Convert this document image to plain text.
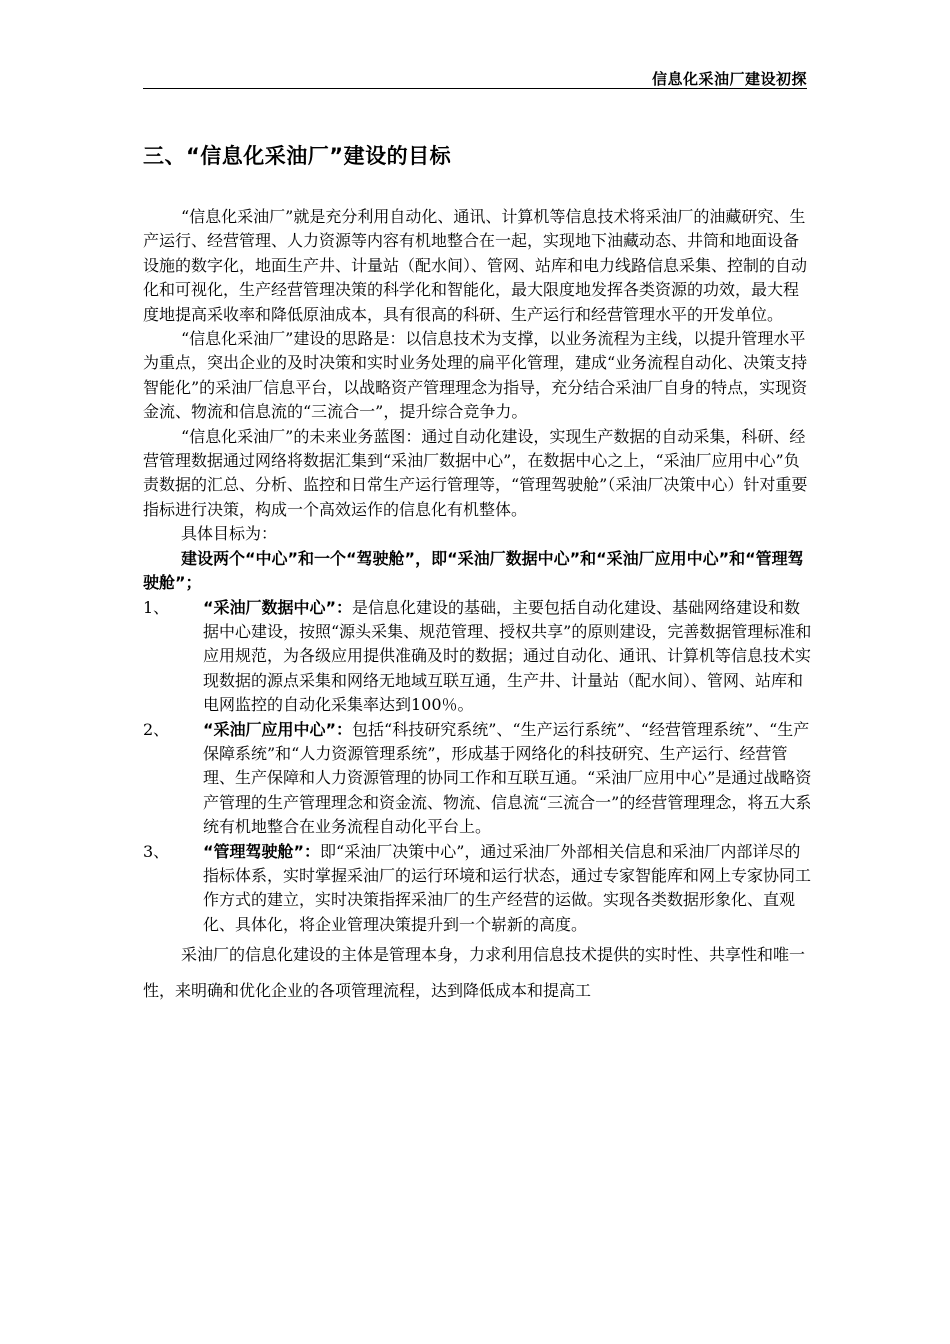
信息化采油厂建设初探
三、“信息化采油厂”建设的目标

“信息化采油厂”就是充分利用自动化、通讯、计算机等信息技术将采油厂的油藏研究、生产运行、经营管理、人力资源等内容有机地整合在一起，实现地下油藏动态、井筒和地面设备设施的数字化，地面生产井、计量站（配水间）、管网、站库和电力线路信息采集、控制的自动化和可视化，生产经营管理决策的科学化和智能化，最大限度地发挥各类资源的功效，最大程度地提高采收率和降低原油成本，具有很高的科研、生产运行和经营管理水平的开发单位。

“信息化采油厂”建设的思路是：以信息技术为支撑，以业务流程为主线，以提升管理水平为重点，突出企业的及时决策和实时业务处理的扁平化管理，建成“业务流程自动化、决策支持智能化”的采油厂信息平台，以战略资产管理理念为指导，充分结合采油厂自身的特点，实现资金流、物流和信息流的“三流合一”，提升综合竞争力。

“信息化采油厂”的未来业务蓝图：通过自动化建设，实现生产数据的自动采集，科研、经营管理数据通过网络将数据汇集到“采油厂数据中心”，在数据中心之上，“采油厂应用中心”负责数据的汇总、分析、监控和日常生产运行管理等，“管理驾驶舱”（采油厂决策中心）针对重要指标进行决策，构成一个高效运作的信息化有机整体。

具体目标为：

建设两个“中心”和一个“驾驶舱”，即“采油厂数据中心”和“采油厂应用中心”和“管理驾驶舱”；

1、 “采油厂数据中心”：是信息化建设的基础，主要包括自动化建设、基础网络建设和数据中心建设，按照“源头采集、规范管理、授权共享”的原则建设，完善数据管理标准和应用规范，为各级应用提供准确及时的数据；通过自动化、通讯、计算机等信息技术实现数据的源点采集和网络无地域互联互通，生产井、计量站（配水间）、管网、站库和电网监控的自动化采集率达到100％。
2、 “采油厂应用中心”：包括“科技研究系统”、“生产运行系统”、“经营管理系统”、“生产保障系统”和“人力资源管理系统”，形成基于网络化的科技研究、生产运行、经营管理、生产保障和人力资源管理的协同工作和互联互通。“采油厂应用中心”是通过战略资产管理的生产管理理念和资金流、物流、信息流“三流合一”的经营管理理念，将五大系统有机地整合在业务流程自动化平台上。
3、 “管理驾驶舱”：即“采油厂决策中心”，通过采油厂外部相关信息和采油厂内部详尽的指标体系，实时掌握采油厂的运行环境和运行状态，通过专家智能库和网上专家协同工作方式的建立，实时决策指挥采油厂的生产经营的运做。实现各类数据形象化、直观化、具体化，将企业管理决策提升到一个崭新的高度。

采油厂的信息化建设的主体是管理本身，力求利用信息技术提供的实时性、共享性和唯一性，来明确和优化企业的各项管理流程，达到降低成本和提高工
